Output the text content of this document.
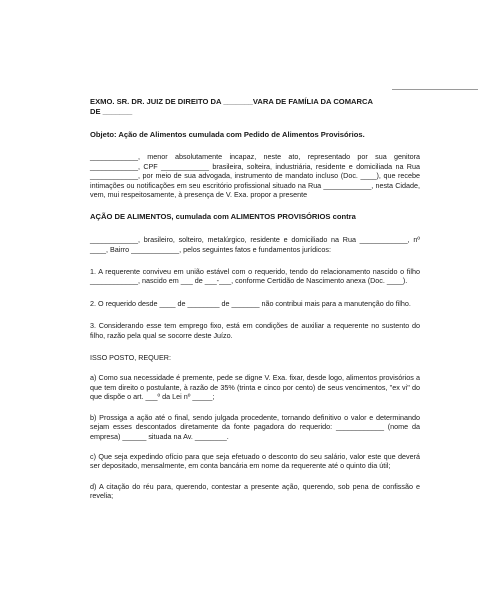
EXMO. SR. DR. JUIZ DE DIREITO DA _______VARA DE FAMÍLIA DA COMARCA
DE _______

Objeto: Ação de Alimentos cumulada com Pedido de Alimentos Provisórios.

____________, menor absolutamente incapaz, neste ato, representado por sua genitora ____________, CPF ____________ brasileira, solteira, industriária, residente e domiciliada na Rua ____________, por meio de sua advogada, instrumento de mandato incluso (Doc. ____), que recebe intimações ou notificações em seu escritório profissional situado na Rua ____________, nesta Cidade, vem, mui respeitosamente, à presença de V. Exa. propor a presente

AÇÃO DE ALIMENTOS, cumulada com ALIMENTOS PROVISÓRIOS contra

____________, brasileiro, solteiro, metalúrgico, residente e domiciliado na Rua ____________, nº ____, Bairro ____________, pelos seguintes fatos e fundamentos jurídicos:

1. A requerente conviveu em união estável com o requerido, tendo do relacionamento nascido o filho ____________, nascido em ___ de ___-___, conforme Certidão de Nascimento anexa (Doc. ____).

2. O requerido desde ____ de ________ de _______ não contribui mais para a manutenção do filho.

3. Considerando esse tem emprego fixo, está em condições de auxiliar a requerente no sustento do filho, razão pela qual se socorre deste Juízo.

ISSO POSTO, REQUER:

a) Como sua necessidade é premente, pede se digne V. Exa. fixar, desde logo, alimentos provisórios a que tem direito o postulante, à razão de 35% (trinta e cinco por cento) de seus vencimentos, "ex vi" do que dispõe o art. ___º da Lei nº _____;

b) Prossiga a ação até o final, sendo julgada procedente, tornando definitivo o valor e determinando sejam esses descontados diretamente da fonte pagadora do requerido: ____________ (nome da empresa) ______ situada na Av. ________.

c) Que seja expedindo ofício para que seja efetuado o desconto do seu salário, valor este que deverá ser depositado, mensalmente, em conta bancária em nome da requerente até o quinto dia útil;

d) A citação do réu para, querendo, contestar a presente ação, querendo, sob pena de confissão e revelia;
